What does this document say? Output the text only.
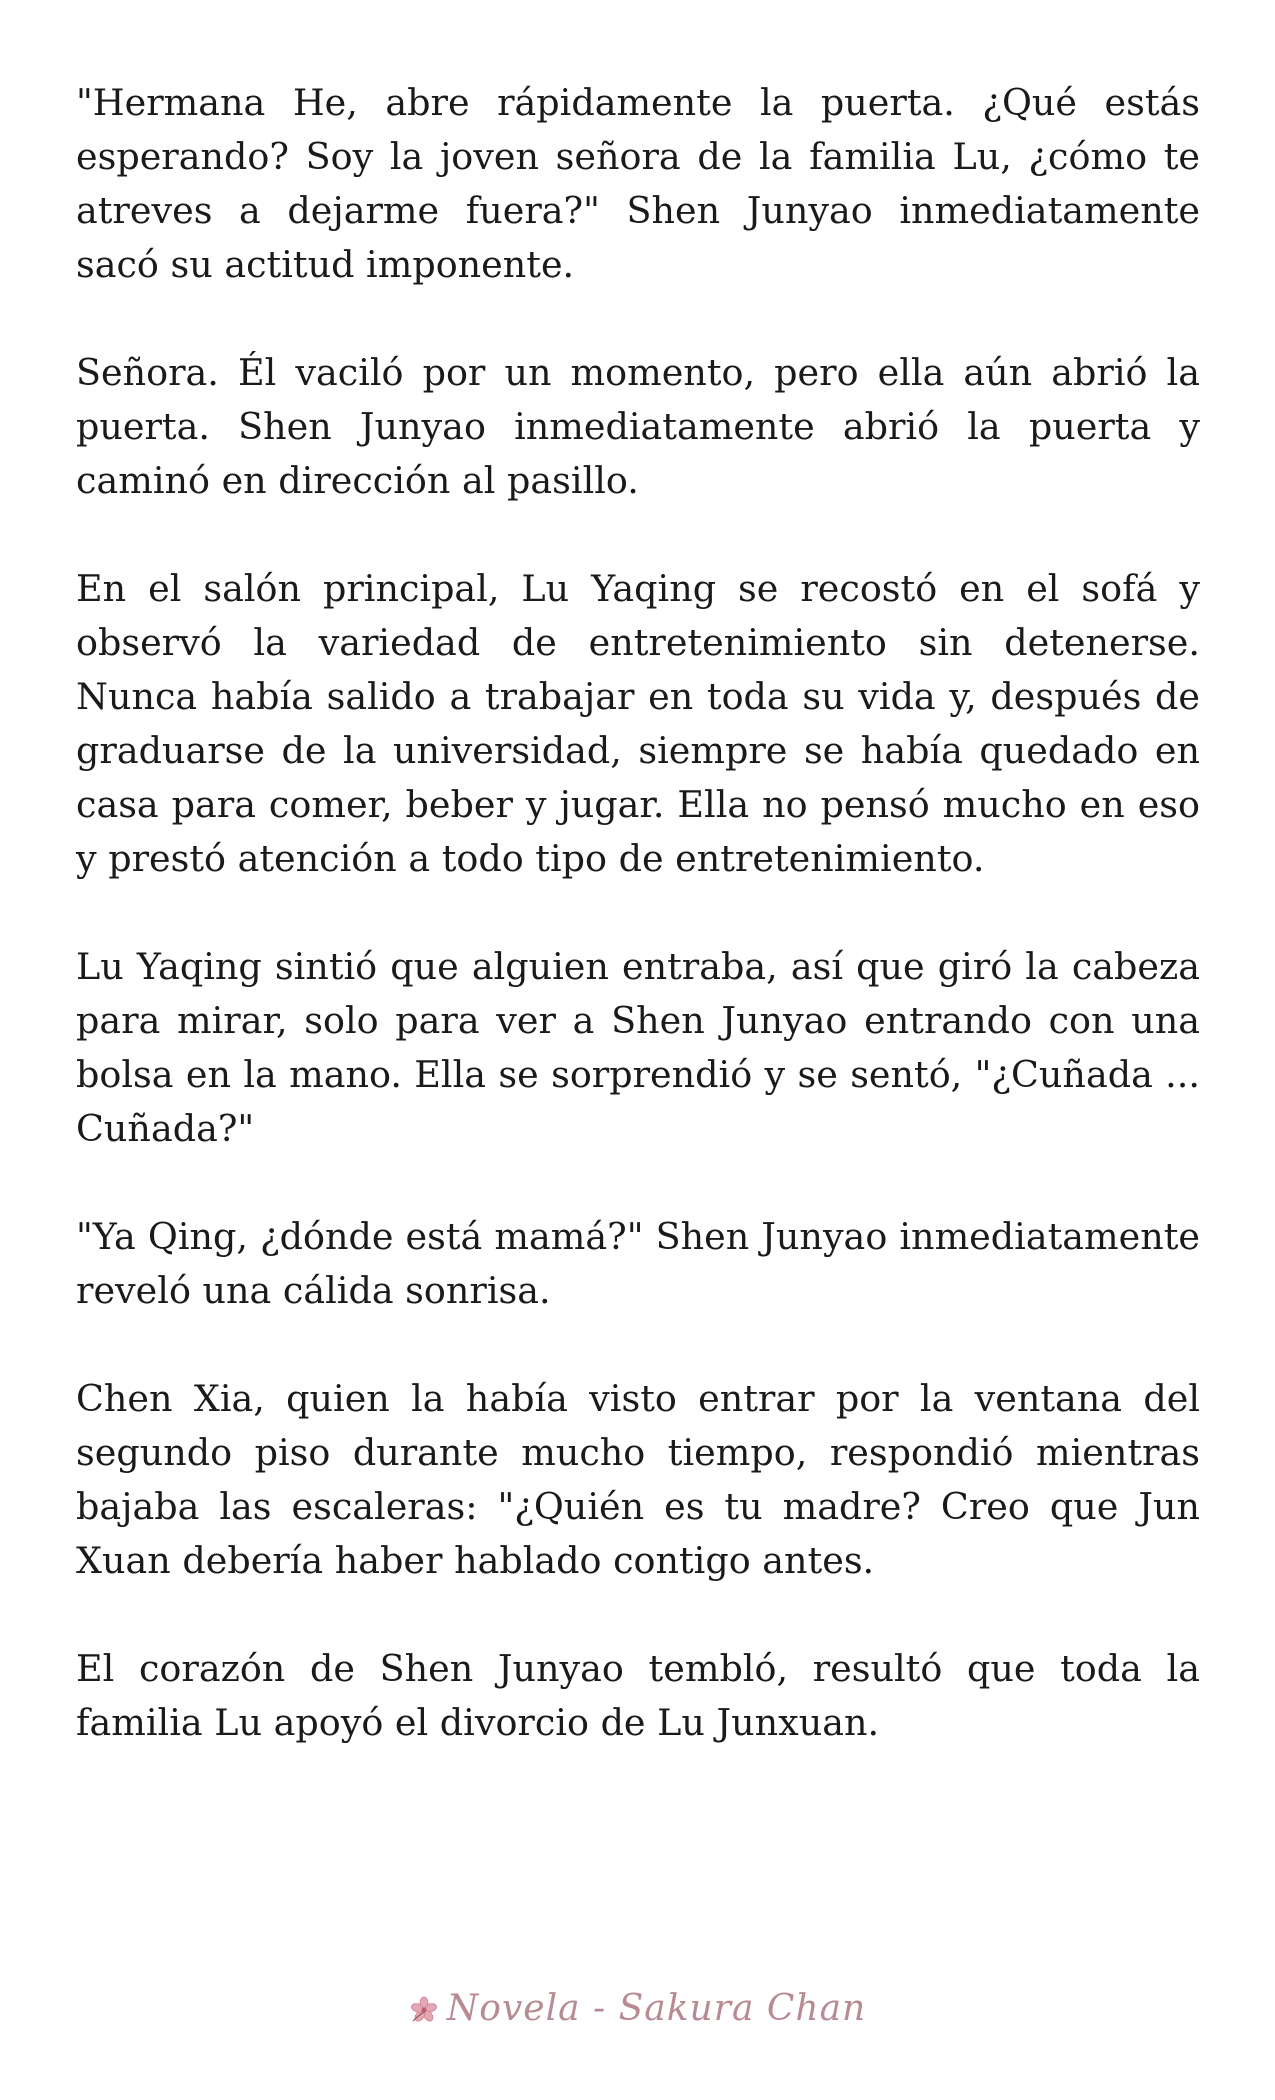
"Hermana He, abre rápidamente la puerta. ¿Qué estás esperando? Soy la joven señora de la familia Lu, ¿cómo te atreves a dejarme fuera?" Shen Junyao inmediatamente sacó su actitud imponente.

Señora. Él vaciló por un momento, pero ella aún abrió la puerta. Shen Junyao inmediatamente abrió la puerta y caminó en dirección al pasillo.

En el salón principal, Lu Yaqing se recostó en el sofá y observó la variedad de entretenimiento sin detenerse. Nunca había salido a trabajar en toda su vida y, después de graduarse de la universidad, siempre se había quedado en casa para comer, beber y jugar. Ella no pensó mucho en eso y prestó atención a todo tipo de entretenimiento.

Lu Yaqing sintió que alguien entraba, así que giró la cabeza para mirar, solo para ver a Shen Junyao entrando con una bolsa en la mano. Ella se sorprendió y se sentó, "¿Cuñada ... Cuñada?"

"Ya Qing, ¿dónde está mamá?" Shen Junyao inmediatamente reveló una cálida sonrisa.

Chen Xia, quien la había visto entrar por la ventana del segundo piso durante mucho tiempo, respondió mientras bajaba las escaleras: "¿Quién es tu madre? Creo que Jun Xuan debería haber hablado contigo antes.

El corazón de Shen Junyao tembló, resultó que toda la familia Lu apoyó el divorcio de Lu Junxuan.

Novela - Sakura Chan
